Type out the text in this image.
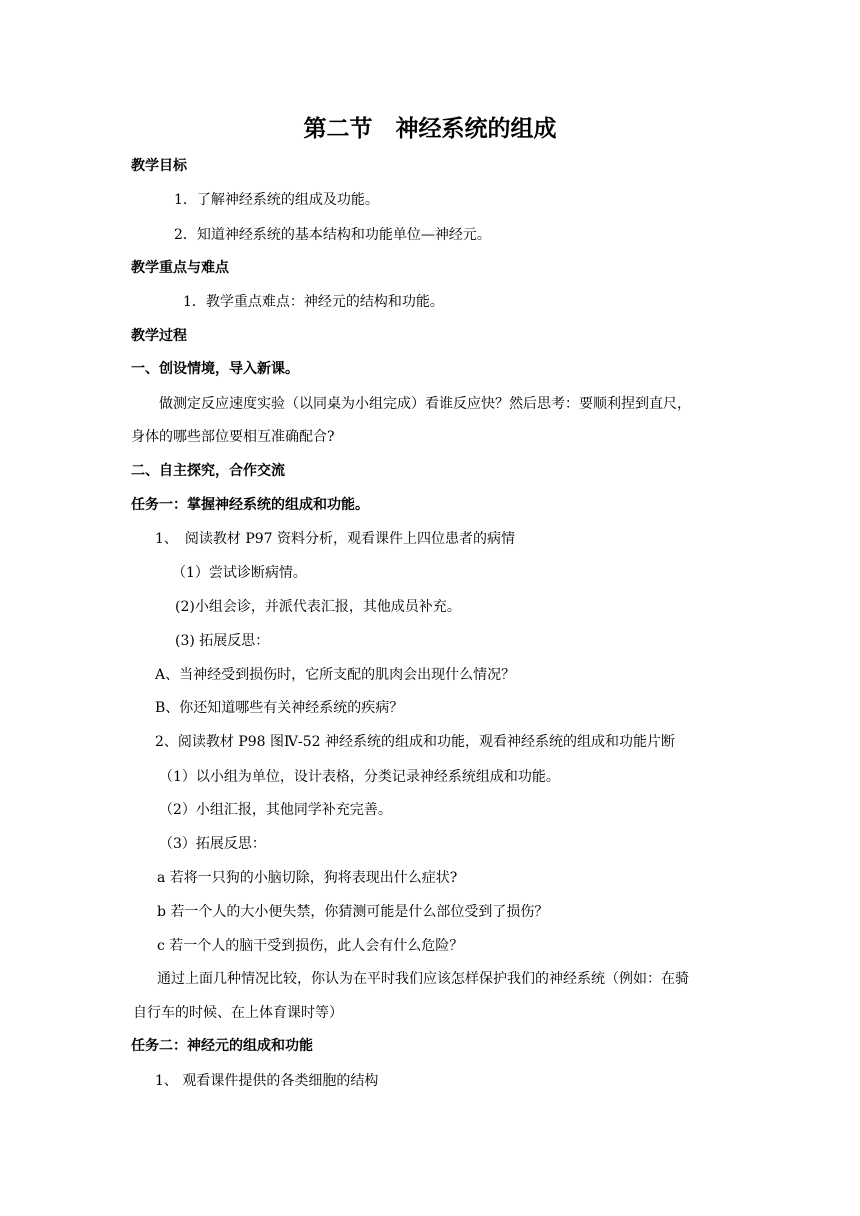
第二节　神经系统的组成
教学目标
1．了解神经系统的组成及功能。
2．知道神经系统的基本结构和功能单位—神经元。
教学重点与难点
1．教学重点难点：神经元的结构和功能。
教学过程
一、创设情境，导入新课。
做测定反应速度实验（以同桌为小组完成）看谁反应快？然后思考：要顺利捏到直尺，
身体的哪些部位要相互准确配合?
二、自主探究，合作交流
任务一：掌握神经系统的组成和功能。
1、　阅读教材 P97 资料分析，观看课件上四位患者的病情
（1）尝试诊断病情。
(2)小组会诊，并派代表汇报，其他成员补充。
(3) 拓展反思：
A、当神经受到损伤时，它所支配的肌肉会出现什么情况？
B、你还知道哪些有关神经系统的疾病？
2、阅读教材 P98 图Ⅳ-52 神经系统的组成和功能，观看神经系统的组成和功能片断
（1）以小组为单位，设计表格，分类记录神经系统组成和功能。
（2）小组汇报，其他同学补充完善。
（3）拓展反思：
a 若将一只狗的小脑切除，狗将表现出什么症状?
b 若一个人的大小便失禁，你猜测可能是什么部位受到了损伤？
c 若一个人的脑干受到损伤，此人会有什么危险？
通过上面几种情况比较，你认为在平时我们应该怎样保护我们的神经系统（例如：在骑
自行车的时候、在上体育课时等）
任务二：神经元的组成和功能
1、 观看课件提供的各类细胞的结构
